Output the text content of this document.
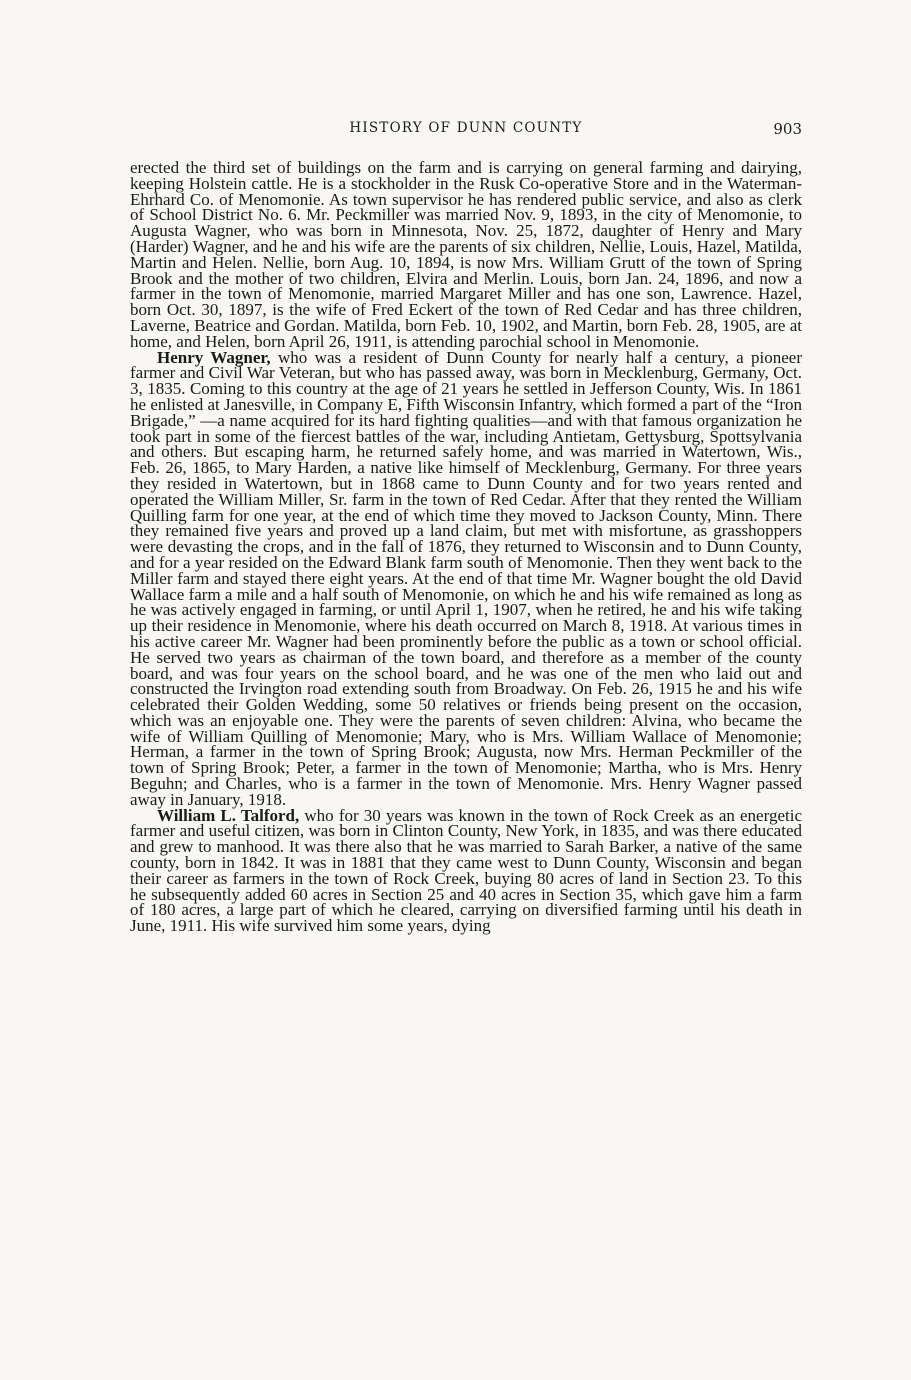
HISTORY OF DUNN COUNTY	903

erected the third set of buildings on the farm and is carrying on general farming and dairying, keeping Holstein cattle. He is a stockholder in the Rusk Co-operative Store and in the Waterman-Ehrhard Co. of Menomonie. As town supervisor he has rendered public service, and also as clerk of School District No. 6. Mr. Peckmiller was married Nov. 9, 1893, in the city of Menomonie, to Augusta Wagner, who was born in Minnesota, Nov. 25, 1872, daughter of Henry and Mary (Harder) Wagner, and he and his wife are the parents of six children, Nellie, Louis, Hazel, Matilda, Martin and Helen. Nellie, born Aug. 10, 1894, is now Mrs. William Grutt of the town of Spring Brook and the mother of two children, Elvira and Merlin. Louis, born Jan. 24, 1896, and now a farmer in the town of Menomonie, married Margaret Miller and has one son, Lawrence. Hazel, born Oct. 30, 1897, is the wife of Fred Eckert of the town of Red Cedar and has three children, Laverne, Beatrice and Gordan. Matilda, born Feb. 10, 1902, and Martin, born Feb. 28, 1905, are at home, and Helen, born April 26, 1911, is attending parochial school in Menomonie.

Henry Wagner, who was a resident of Dunn County for nearly half a century, a pioneer farmer and Civil War Veteran, but who has passed away, was born in Mecklenburg, Germany, Oct. 3, 1835. Coming to this country at the age of 21 years he settled in Jefferson County, Wis. In 1861 he enlisted at Janesville, in Company E, Fifth Wisconsin Infantry, which formed a part of the “Iron Brigade,” —a name acquired for its hard fighting qualities—and with that famous organization he took part in some of the fiercest battles of the war, including Antietam, Gettysburg, Spottsylvania and others. But escaping harm, he returned safely home, and was married in Watertown, Wis., Feb. 26, 1865, to Mary Harden, a native like himself of Mecklenburg, Germany. For three years they resided in Watertown, but in 1868 came to Dunn County and for two years rented and operated the William Miller, Sr. farm in the town of Red Cedar. After that they rented the William Quilling farm for one year, at the end of which time they moved to Jackson County, Minn. There they remained five years and proved up a land claim, but met with misfortune, as grasshoppers were devasting the crops, and in the fall of 1876, they returned to Wisconsin and to Dunn County, and for a year resided on the Edward Blank farm south of Menomonie. Then they went back to the Miller farm and stayed there eight years. At the end of that time Mr. Wagner bought the old David Wallace farm a mile and a half south of Menomonie, on which he and his wife remained as long as he was actively engaged in farming, or until April 1, 1907, when he retired, he and his wife taking up their residence in Menomonie, where his death occurred on March 8, 1918. At various times in his active career Mr. Wagner had been prominently before the public as a town or school official. He served two years as chairman of the town board, and therefore as a member of the county board, and was four years on the school board, and he was one of the men who laid out and constructed the Irvington road extending south from Broadway. On Feb. 26, 1915 he and his wife celebrated their Golden Wedding, some 50 relatives or friends being present on the occasion, which was an enjoyable one. They were the parents of seven children: Alvina, who became the wife of William Quilling of Menomonie; Mary, who is Mrs. William Wallace of Menomonie; Herman, a farmer in the town of Spring Brook; Augusta, now Mrs. Herman Peckmiller of the town of Spring Brook; Peter, a farmer in the town of Menomonie; Martha, who is Mrs. Henry Beguhn; and Charles, who is a farmer in the town of Menomonie. Mrs. Henry Wagner passed away in January, 1918.

William L. Talford, who for 30 years was known in the town of Rock Creek as an energetic farmer and useful citizen, was born in Clinton County, New York, in 1835, and was there educated and grew to manhood. It was there also that he was married to Sarah Barker, a native of the same county, born in 1842. It was in 1881 that they came west to Dunn County, Wisconsin and began their career as farmers in the town of Rock Creek, buying 80 acres of land in Section 23. To this he subsequently added 60 acres in Section 25 and 40 acres in Section 35, which gave him a farm of 180 acres, a large part of which he cleared, carrying on diversified farming until his death in June, 1911. His wife survived him some years, dying
